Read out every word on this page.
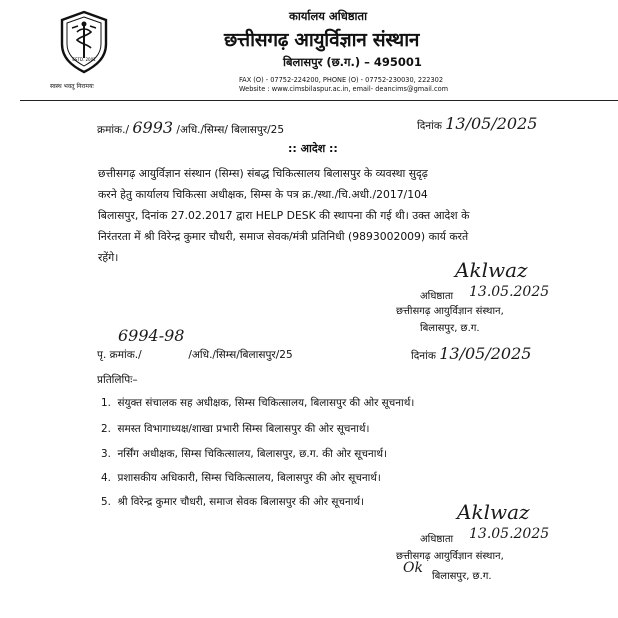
ESTD. 2001
स्वस्थ भवतु निरामयः
कार्यालय अधिष्ठाता
छत्तीसगढ़ आयुर्विज्ञान संस्थान
बिलासपुर (छ.ग.) – 495001
FAX (O) - 07752-224200, PHONE (O) - 07752-230030, 222302
Website : www.cimsbilaspur.ac.in, email- deancims@gmail.com
क्रमांक./ 6993 /अधि./सिम्स/ बिलासपुर/25	दिनांक 13/05/2025
:: आदेश ::
छत्तीसगढ़ आयुर्विज्ञान संस्थान (सिम्स) संबद्ध चिकित्सालय बिलासपुर के व्यवस्था सुदृढ़
करने हेतु कार्यालय चिकित्सा अधीक्षक, सिम्स के पत्र क्र./स्था./चि.अधी./2017/104
बिलासपुर, दिनांक 27.02.2017 द्वारा HELP DESK की स्थापना की गई थी। उक्त आदेश के
निरंतरता में श्री विरेन्द्र कुमार चौधरी, समाज सेवक/मंत्री प्रतिनिधी (9893002009) कार्य करते
रहेंगे।
Aklwaz
अधिष्ठाता 13.05.2025
छत्तीसगढ़ आयुर्विज्ञान संस्थान,
बिलासपुर, छ.ग.
6994-98
पृ. क्रमांक./	/अधि./सिम्स/बिलासपुर/25	दिनांक 13/05/2025
प्रतिलिपिः–
1. संयुक्त संचालक सह अधीक्षक, सिम्स चिकित्सालय, बिलासपुर की ओर सूचनार्थ।
2. समस्त विभागाध्यक्ष/शाखा प्रभारी सिम्स बिलासपुर की ओर सूचनार्थ।
3. नर्सिंग अधीक्षक, सिम्स चिकित्सालय, बिलासपुर, छ.ग. की ओर सूचनार्थ।
4. प्रशासकीय अधिकारी, सिम्स चिकित्सालय, बिलासपुर की ओर सूचनार्थ।
5. श्री विरेन्द्र कुमार चौधरी, समाज सेवक बिलासपुर की ओर सूचनार्थ।	Aklwaz
अधिष्ठाता 13.05.2025
छत्तीसगढ़ आयुर्विज्ञान संस्थान,
Ok
बिलासपुर, छ.ग.
